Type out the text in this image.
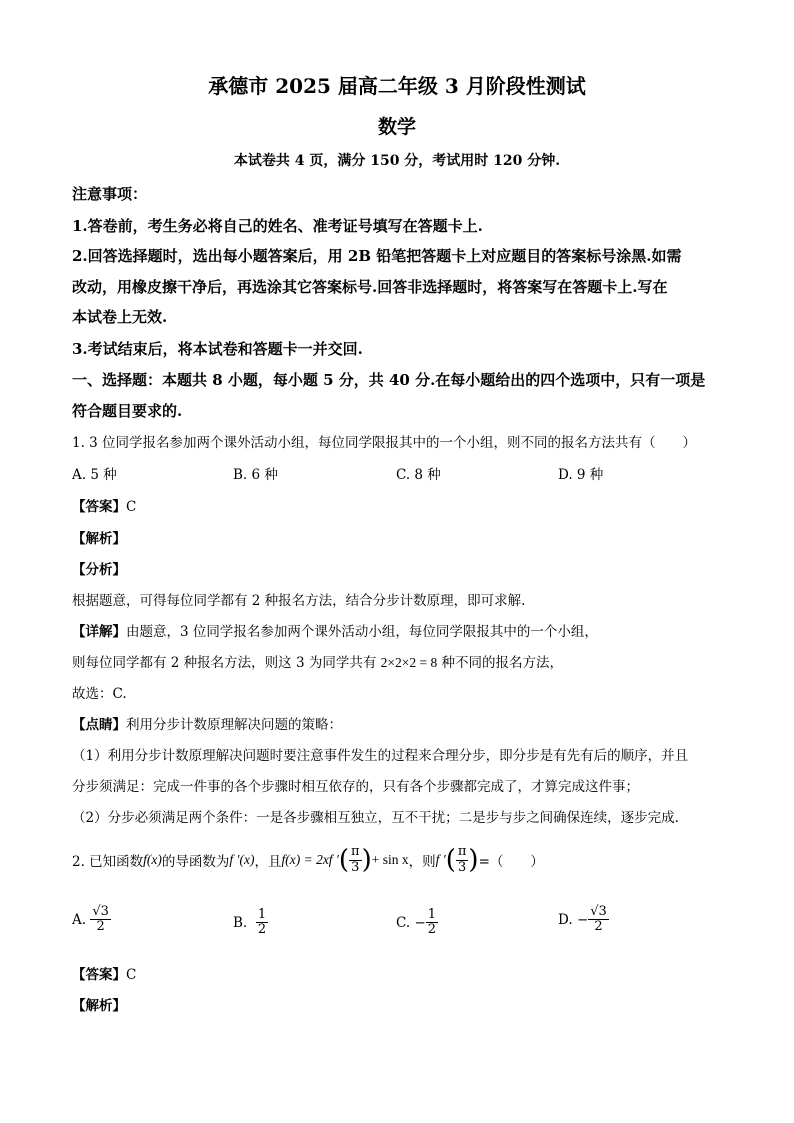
承德市 2025 届高二年级 3 月阶段性测试
数学
本试卷共 4 页，满分 150 分，考试用时 120 分钟.
注意事项：
1.答卷前，考生务必将自己的姓名、准考证号填写在答题卡上.
2.回答选择题时，选出每小题答案后，用 2B 铅笔把答题卡上对应题目的答案标号涂黑.如需
改动，用橡皮擦干净后，再选涂其它答案标号.回答非选择题时，将答案写在答题卡上.写在
本试卷上无效.
3.考试结束后，将本试卷和答题卡一并交回.
一、选择题：本题共 8 小题，每小题 5 分，共 40 分.在每小题给出的四个选项中，只有一项是
符合题目要求的.
1. 3 位同学报名参加两个课外活动小组，每位同学限报其中的一个小组，则不同的报名方法共有（　　）
A. 5 种	B. 6 种	C. 8 种	D. 9 种
【答案】C
【解析】
【分析】
根据题意，可得每位同学都有 2 种报名方法，结合分步计数原理，即可求解.
【详解】由题意，3 位同学报名参加两个课外活动小组，每位同学限报其中的一个小组，
则每位同学都有 2 种报名方法，则这 3 为同学共有 2×2×2 = 8 种不同的报名方法，
故选：C.
【点睛】利用分步计数原理解决问题的策略：
（1）利用分步计数原理解决问题时要注意事件发生的过程来合理分步，即分步是有先有后的顺序，并且
分步须满足：完成一件事的各个步骤时相互依存的，只有各个步骤都完成了，才算完成这件事；
（2）分步必须满足两个条件：一是各步骤相互独立，互不干扰；二是步与步之间确保连续，逐步完成.
2. 已知函数 f(x) 的导函数为 f ′(x) ，且 f(x) = 2xf ′ ( $\frac{\pi}{3}$ ) + sin x ，则 f ′ ( $\frac{\pi}{3}$ ) =（　　）
A.
$\frac{√3}{2}$	B.
$\frac{1}{2}$	C.
− $\frac{1}{2}$	D.
− $\frac{√3}{2}$
【答案】C
【解析】
